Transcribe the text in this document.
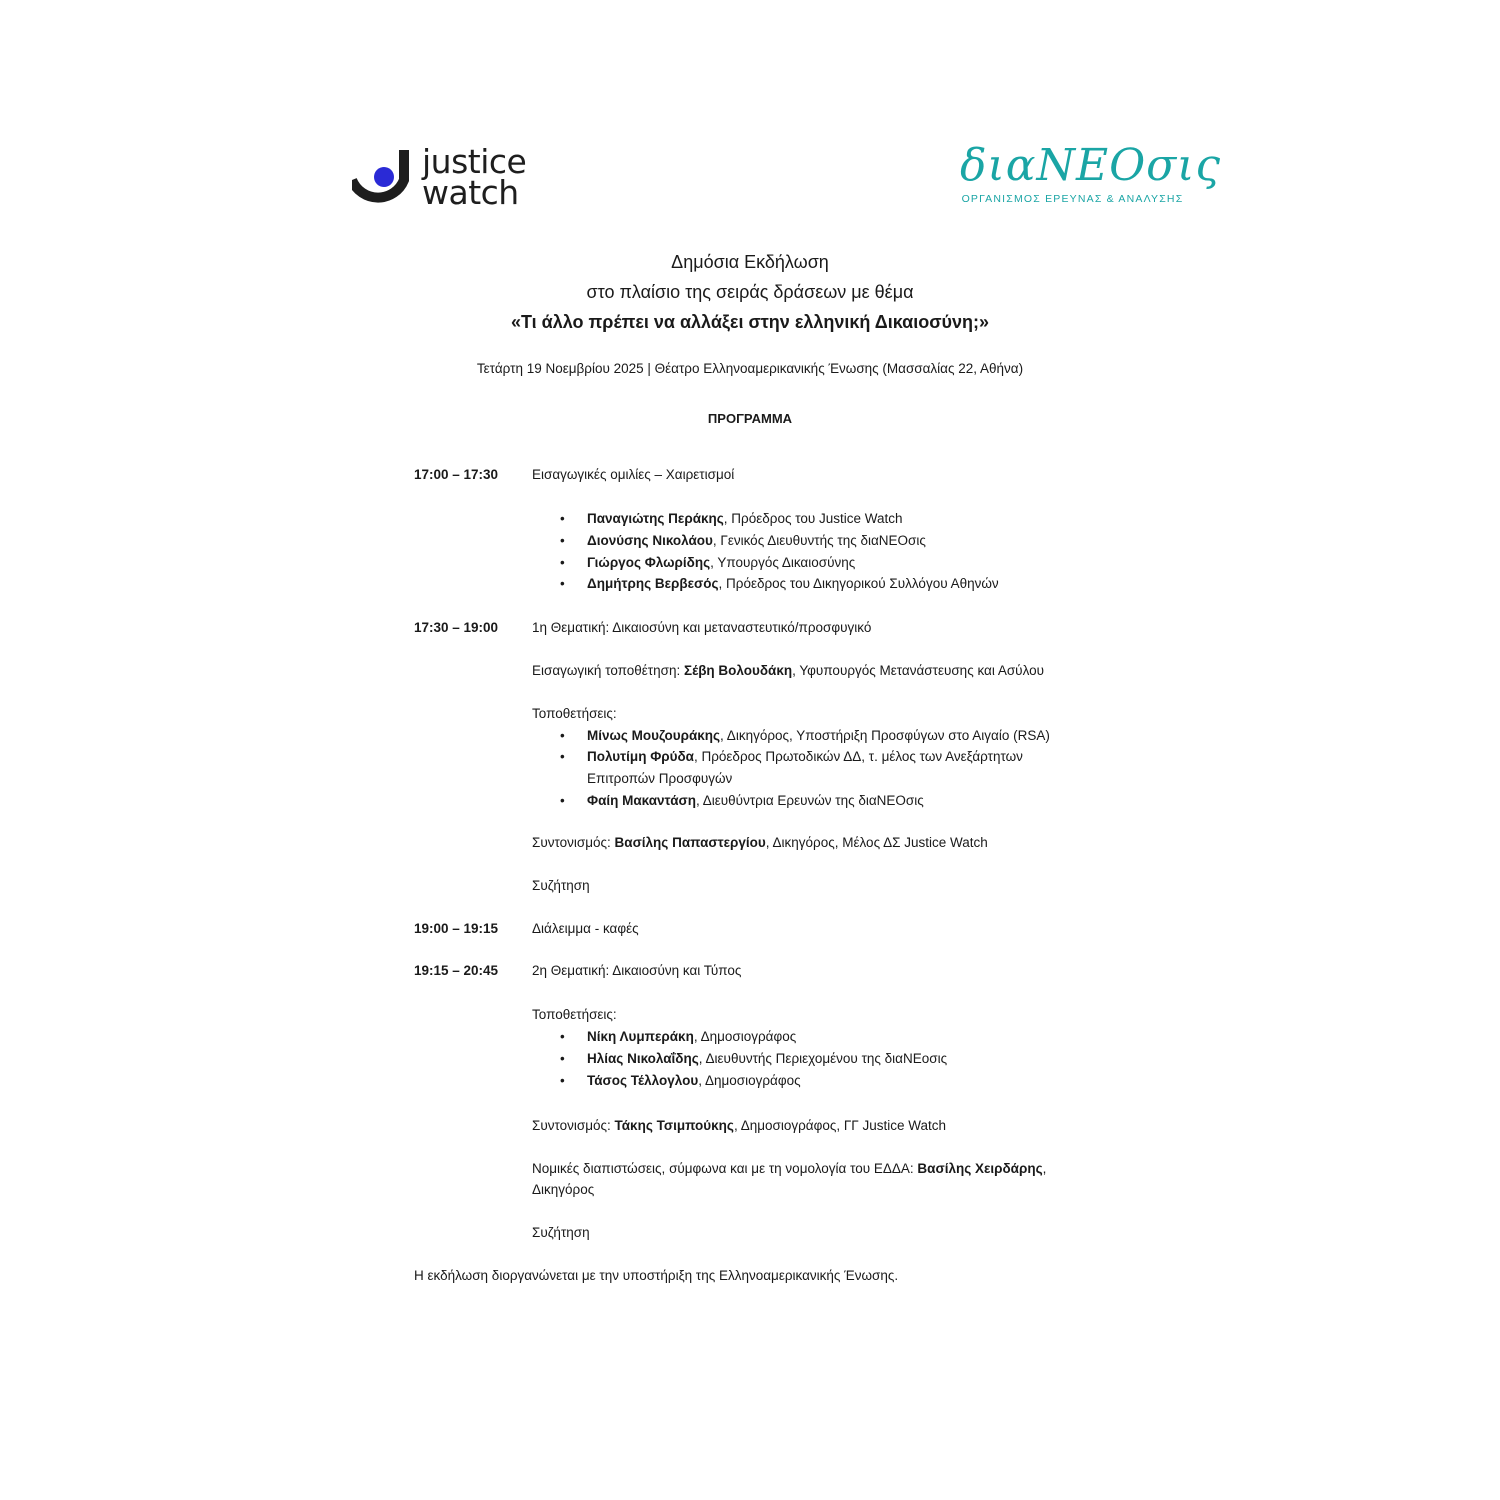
justice
watch
διαΝΕΟσις
ΟΡΓΑΝΙΣΜΟΣ ΕΡΕΥΝΑΣ & ΑΝΑΛΥΣΗΣ
Δημόσια Εκδήλωση
στο πλαίσιο της σειράς δράσεων με θέμα
«Τι άλλο πρέπει να αλλάξει στην ελληνική Δικαιοσύνη;»
Τετάρτη 19 Νοεμβρίου 2025 | Θέατρο Ελληνοαμερικανικής Ένωσης (Μασσαλίας 22, Αθήνα)
ΠΡΟΓΡΑΜΜΑ
17:00 – 17:30	Εισαγωγικές ομιλίες – Χαιρετισμοί
• Παναγιώτης Περάκης, Πρόεδρος του Justice Watch
• Διονύσης Νικολάου, Γενικός Διευθυντής της διαΝΕΟσις
• Γιώργος Φλωρίδης, Υπουργός Δικαιοσύνης
• Δημήτρης Βερβεσός, Πρόεδρος του Δικηγορικού Συλλόγου Αθηνών
17:30 – 19:00	1η Θεματική: Δικαιοσύνη και μεταναστευτικό/προσφυγικό
Εισαγωγική τοποθέτηση: Σέβη Βολουδάκη, Υφυπουργός Μετανάστευσης και Ασύλου
Τοποθετήσεις:
• Μίνως Μουζουράκης, Δικηγόρος, Υποστήριξη Προσφύγων στο Αιγαίο (RSA)
• Πολυτίμη Φρύδα, Πρόεδρος Πρωτοδικών ΔΔ, τ. μέλος των Ανεξάρτητων
Επιτροπών Προσφυγών
• Φαίη Μακαντάση, Διευθύντρια Ερευνών της διαΝΕΟσις
Συντονισμός: Βασίλης Παπαστεργίου, Δικηγόρος, Μέλος ΔΣ Justice Watch
Συζήτηση
19:00 – 19:15	Διάλειμμα - καφές
19:15 – 20:45	2η Θεματική: Δικαιοσύνη και Τύπος
Τοποθετήσεις:
• Νίκη Λυμπεράκη, Δημοσιογράφος
• Ηλίας Νικολαΐδης, Διευθυντής Περιεχομένου της διαΝΕοσις
• Τάσος Τέλλογλου, Δημοσιογράφος
Συντονισμός: Τάκης Τσιμπούκης, Δημοσιογράφος, ΓΓ Justice Watch
Νομικές διαπιστώσεις, σύμφωνα και με τη νομολογία του ΕΔΔΑ: Βασίλης Χειρδάρης,
Δικηγόρος
Συζήτηση
Η εκδήλωση διοργανώνεται με την υποστήριξη της Ελληνοαμερικανικής Ένωσης.
